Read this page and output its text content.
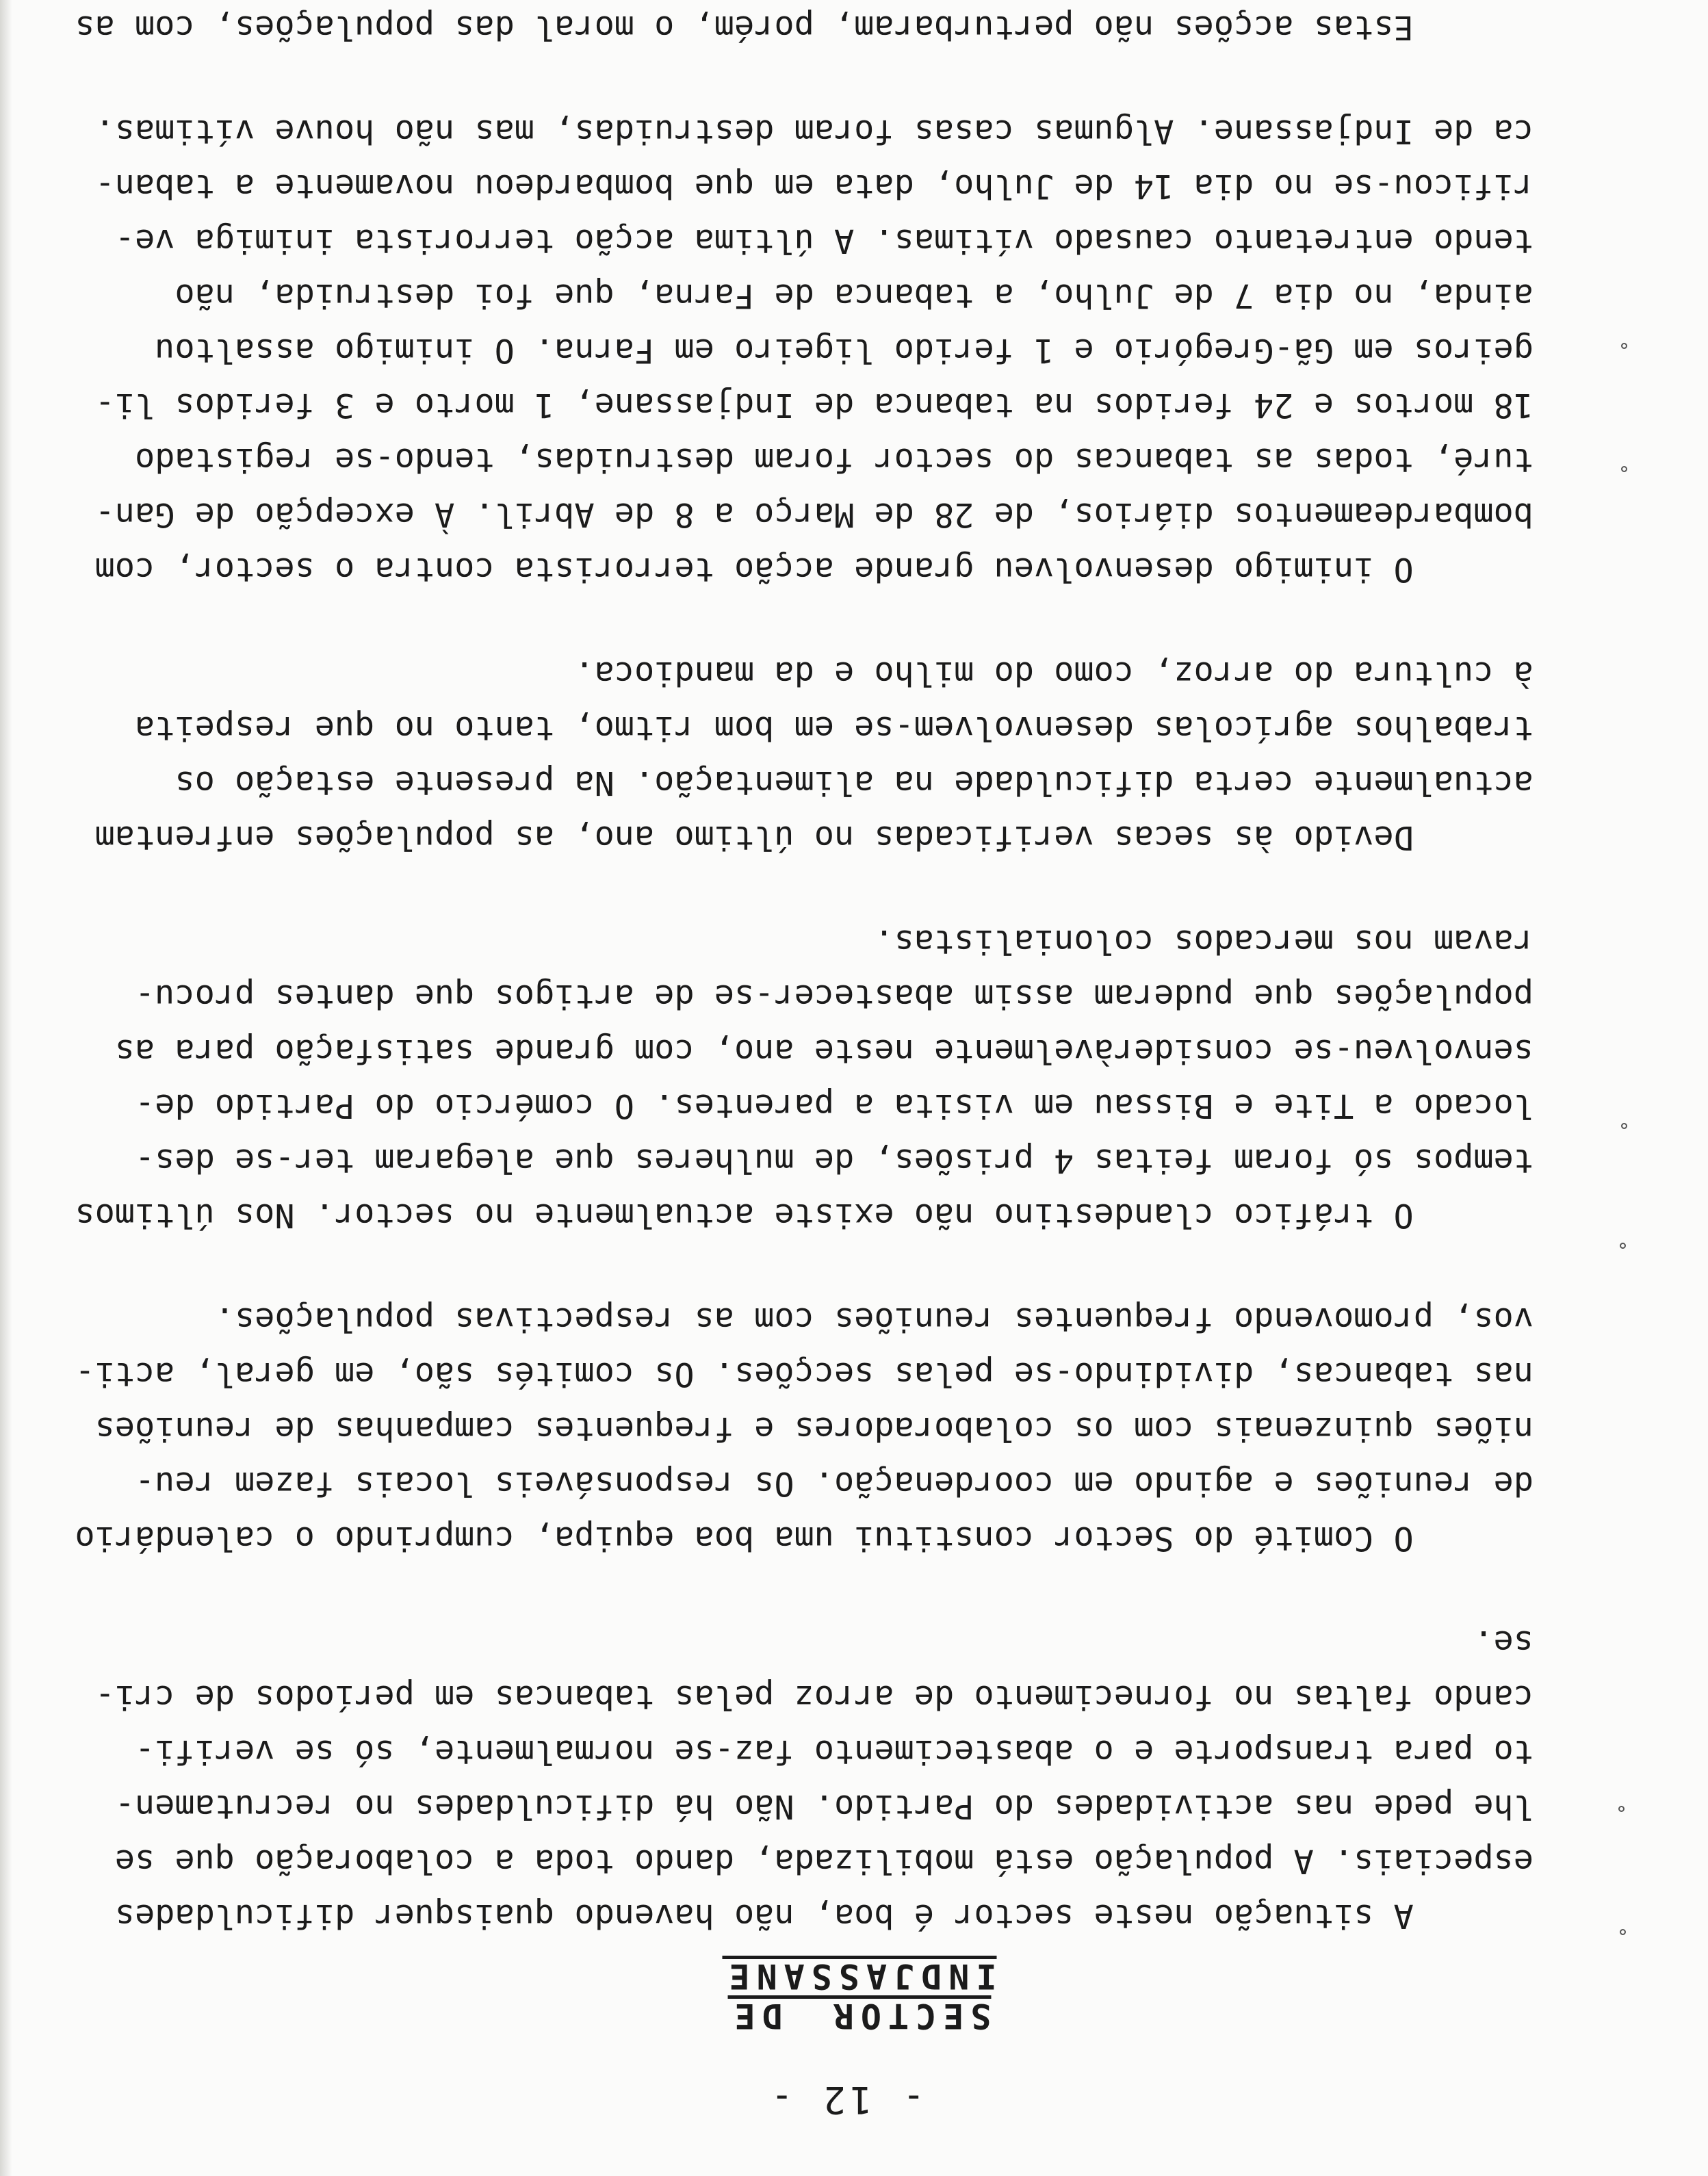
- 12 -
SECTOR DE INDJASSANE
A situação neste sector é boa, não havendo quaisquer dificuldades
especiais. A população está mobilizada, dando toda a colaboração que se
lhe pede nas actividades do Partido. Não há dificuldades no recrutamen-
to para transporte e o abastecimento faz-se normalmente, só se verifi-
cando faltas no fornecimento de arroz pelas tabancas em períodos de cri-
se.
O Comité do Sector constitui uma boa equipa, cumprindo o calendário
de reuniões e agindo em coordenação. Os responsáveis locais fazem reu-
niões quinzenais com os colaboradores e frequentes campanhas de reuniões
nas tabancas, dividindo-se pelas secções. Os comités são, em geral, acti-
vos, promovendo frequentes reuniões com as respectivas populações.
O tráfico clandestino não existe actualmente no sector. Nos últimos
tempos só foram feitas 4 prisões, de mulheres que alegaram ter-se des-
locado a Tite e Bissau em visita a parentes. O comércio do Partido de-
senvolveu-se consideràvelmente neste ano, com grande satisfação para as
populações que puderam assim abastecer-se de artigos que dantes procu-
ravam nos mercados colonialistas.
Devido às secas verificadas no último ano, as populações enfrentam
actualmente certa dificuldade na alimentação. Na presente estação os
trabalhos agrícolas desenvolvem-se em bom ritmo, tanto no que respeita
à cultura do arroz, como do milho e da mandioca.
O inimigo desenvolveu grande acção terrorista contra o sector, com
bombardeamentos diários, de 28 de Março a 8 de Abril. À excepção de Gan-
turé, todas as tabancas do sector foram destruidas, tendo-se registado
18 mortos e 24 feridos na tabanca de Indjassane, 1 morto e 3 feridos li-
geiros em Gã-Gregório e 1 ferido ligeiro em Farna. O inimigo assaltou
ainda, no dia 7 de Julho, a tabanca de Farna, que foi destruida, não
tendo entretanto causado vítimas. A última acção terrorista inimiga ve-
rificou-se no dia 14 de Julho, data em que bombardeou novamente a taban-
ca de Indjassane. Algumas casas foram destruidas, mas não houve vítimas.
Estas acções não perturbaram, porém, o moral das populações, com as
